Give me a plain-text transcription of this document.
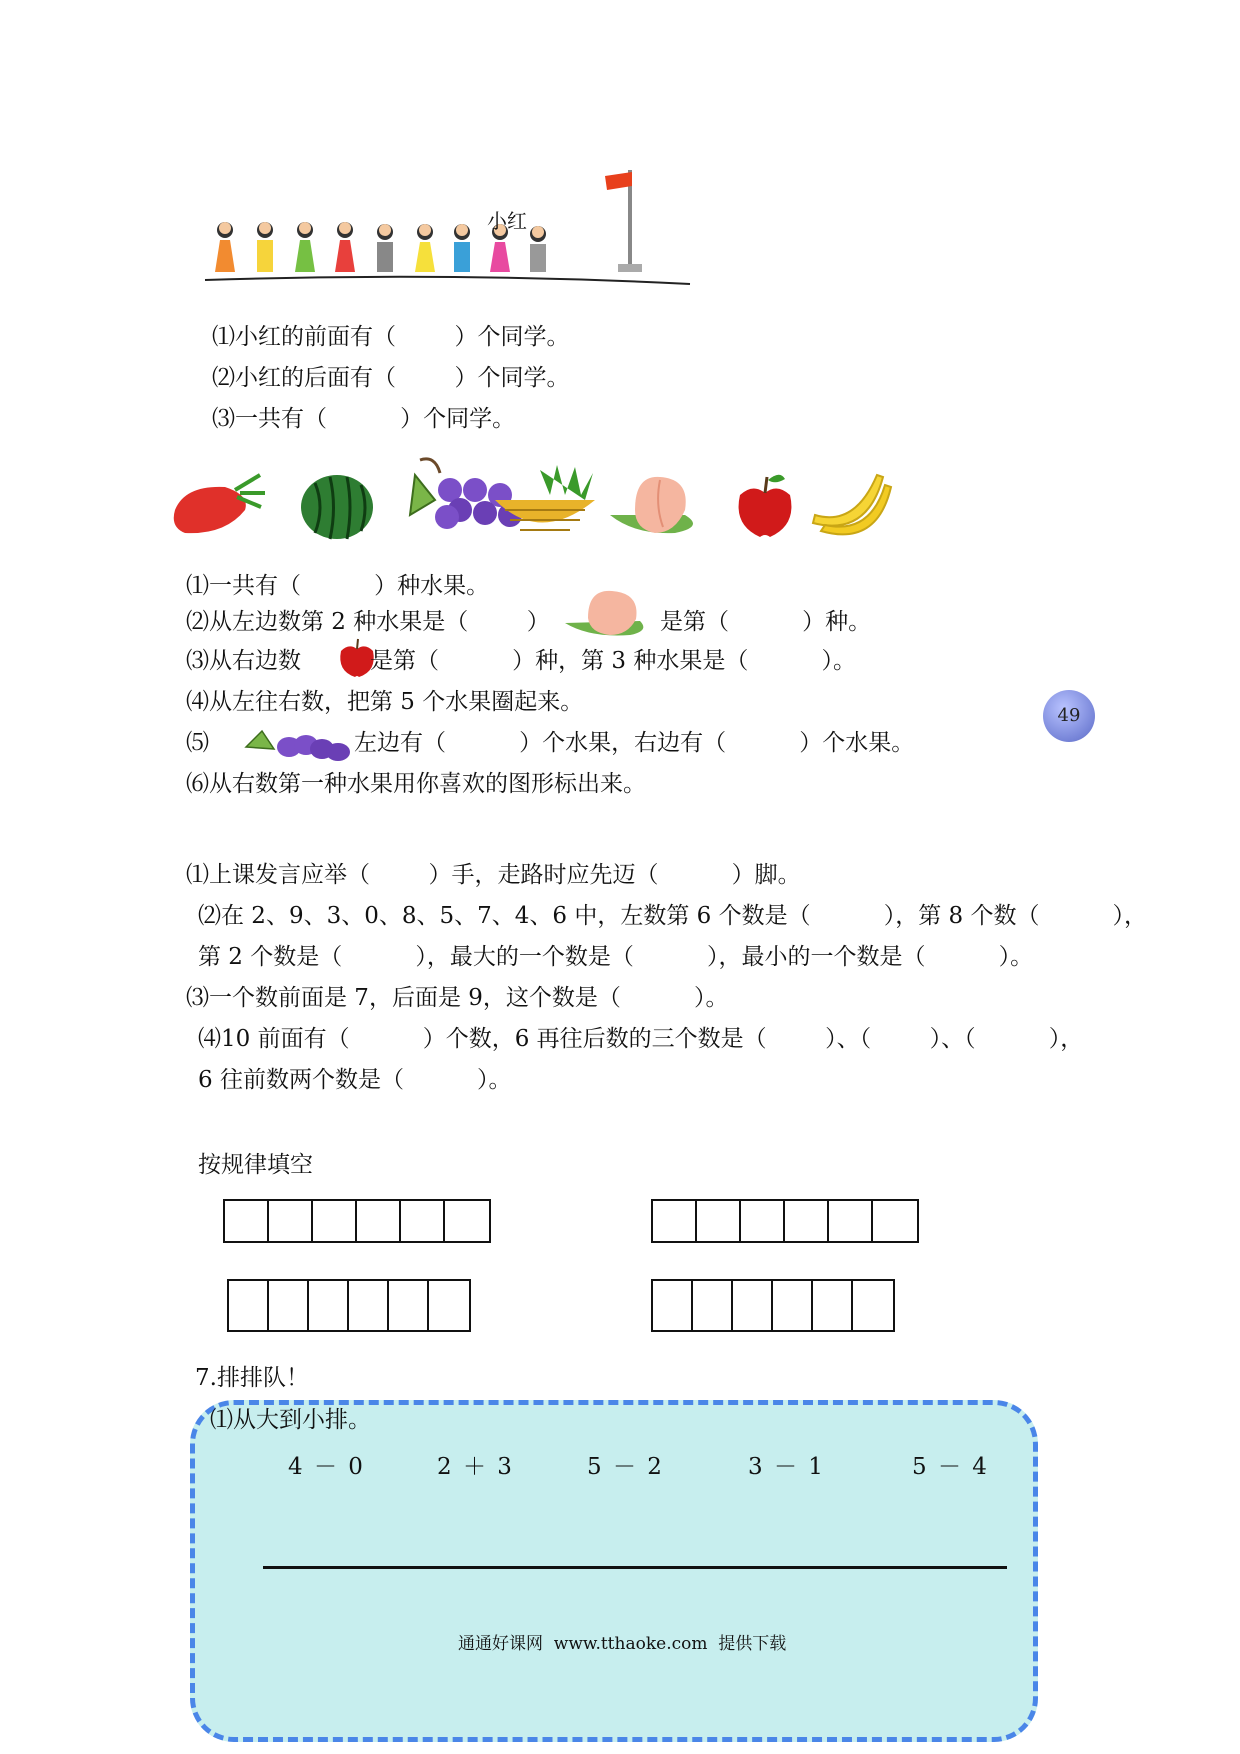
小红
⑴小红的前面有（        ）个同学。
⑵小红的后面有（        ）个同学。
⑶一共有（          ）个同学。
⑴一共有（          ）种水果。
⑵从左边数第 2 种水果是（        ）	是第（          ）种。
⑶从右边数	是第（          ）种，第 3 种水果是（          ）。
⑷从左往右数，把第 5 个水果圈起来。
⑸	左边有（          ）个水果，右边有（          ）个水果。
⑹从右数第一种水果用你喜欢的图形标出来。
49
⑴上课发言应举（        ）手，走路时应先迈（          ）脚。
⑵在 2、9、3、0、8、5、7、4、6 中，左数第 6 个数是（          ），第 8 个数（          ），
第 2 个数是（          ），最大的一个数是（          ），最小的一个数是（          ）。
⑶一个数前面是 7，后面是 9，这个数是（          ）。
⑷10 前面有（          ）个数，6 再往后数的三个数是（        ）、（        ）、（          ），
6 往前数两个数是（          ）。
按规律填空
7.排排队！
⑴从大到小排。
4 － 0	2 ＋ 3	5 － 2	3 － 1	5 － 4
通通好课网  www.tthaoke.com  提供下载
